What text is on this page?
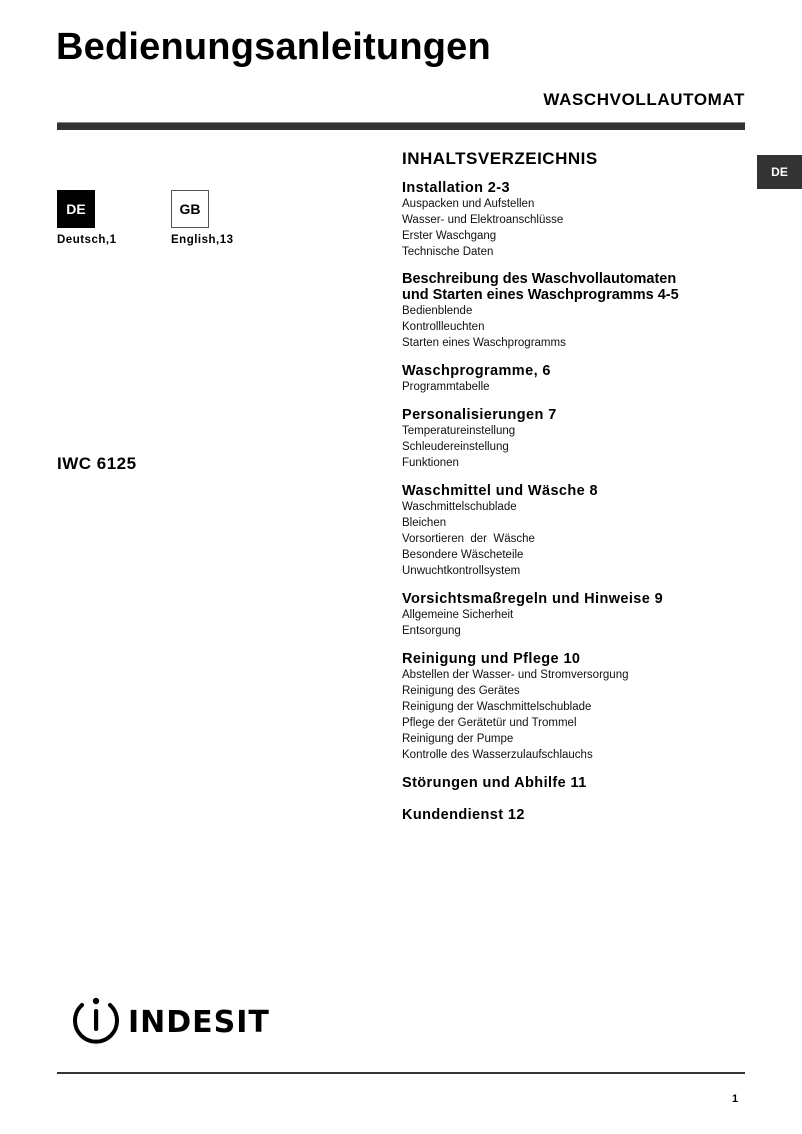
Bedienungsanleitungen
WASCHVOLLAUTOMAT
DE
DE
Deutsch,1
GB
English,13
IWC 6125
INHALTSVERZEICHNIS
Installation 2-3
Auspacken und Aufstellen
Wasser- und Elektroanschlüsse
Erster Waschgang
Technische Daten
Beschreibung des Waschvollautomaten
und Starten eines Waschprogramms 4-5
Bedienblende
Kontrollleuchten
Starten eines Waschprogramms
Waschprogramme, 6
Programmtabelle
Personalisierungen 7
Temperatureinstellung
Schleudereinstellung
Funktionen
Waschmittel und Wäsche 8
Waschmittelschublade
Bleichen
Vorsortieren  der  Wäsche
Besondere Wäscheteile
Unwuchtkontrollsystem
Vorsichtsmaßregeln und Hinweise 9
Allgemeine Sicherheit
Entsorgung
Reinigung und Pflege 10
Abstellen der Wasser- und Stromversorgung
Reinigung des Gerätes
Reinigung der Waschmittelschublade
Pflege der Gerätetür und Trommel
Reinigung der Pumpe
Kontrolle des Wasserzulaufschlauchs
Störungen und Abhilfe 11
Kundendienst 12
INDESIT
1
